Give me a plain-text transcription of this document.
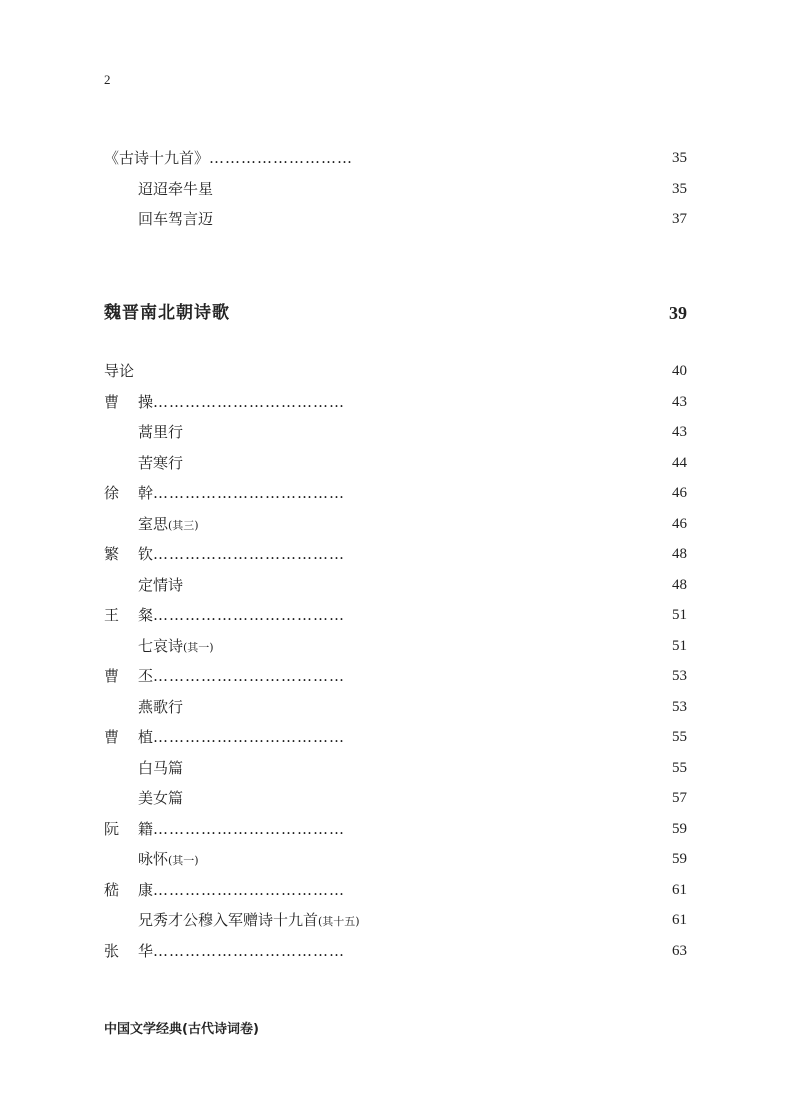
2
《古诗十九首》………………………	35
迢迢牵牛星	35
回车驾言迈	37
魏晋南北朝诗歌	39
导论	40
曹 操………………………………	43
蒿里行	43
苦寒行	44
徐 幹………………………………	46
室思(其三)	46
繁 钦………………………………	48
定情诗	48
王 粲………………………………	51
七哀诗(其一)	51
曹 丕………………………………	53
燕歌行	53
曹 植………………………………	55
白马篇	55
美女篇	57
阮 籍………………………………	59
咏怀(其一)	59
嵇 康………………………………	61
兄秀才公穆入军赠诗十九首(其十五)	61
张 华………………………………	63
中国文学经典(古代诗词卷)
